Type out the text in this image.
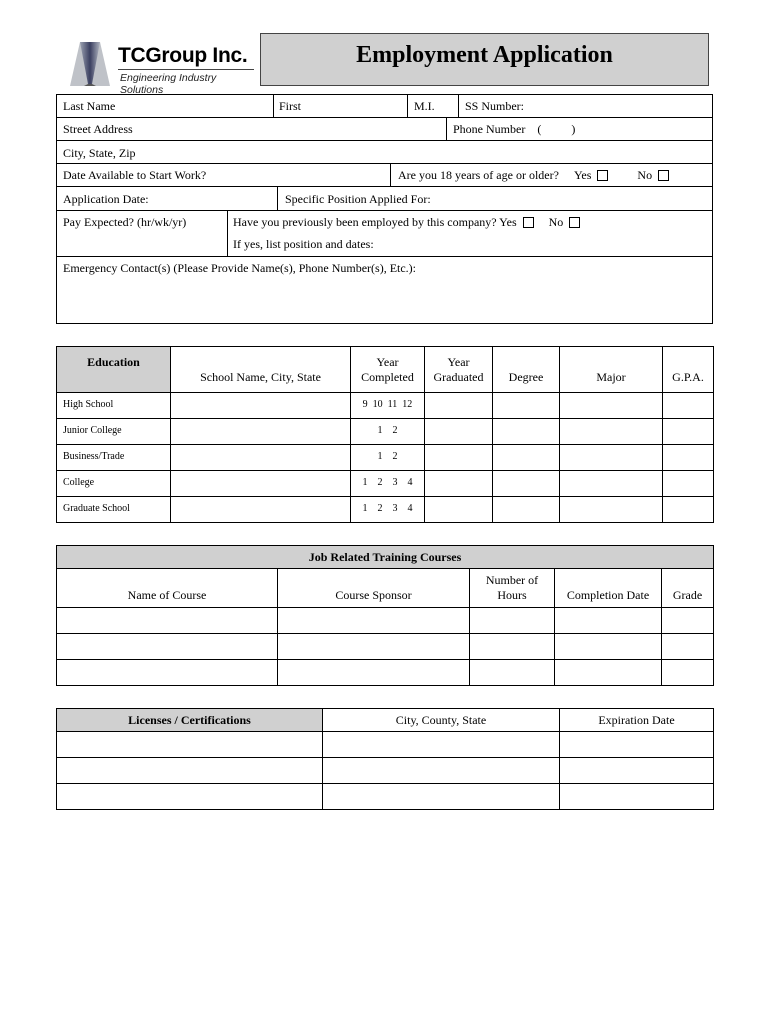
TCGroup Inc.
Engineering Industry Solutions
Employment Application
Last Name	First	M.I.	SS Number:
Street Address	Phone Number (          )
City, State, Zip
Date Available to Start Work?	Are you 18 years of age or older? Yes	No
Application Date:	Specific Position Applied For:
Pay Expected? (hr/wk/yr)	Have you previously been employed by this company? Yes	No
If yes, list position and dates:
Emergency Contact(s) (Please Provide Name(s), Phone Number(s), Etc.):
Education	School Name, City, State	Year Completed	Year Graduated	Degree	Major	G.P.A.
High School		9  10  11  12				
Junior College		1    2				
Business/Trade		1    2				
College		1    2    3    4				
Graduate School		1    2    3    4				
Job Related Training Courses				
Name of Course	Course Sponsor	Number of Hours	Completion Date	Grade

Licenses / Certifications	City, County, State	Expiration Date
